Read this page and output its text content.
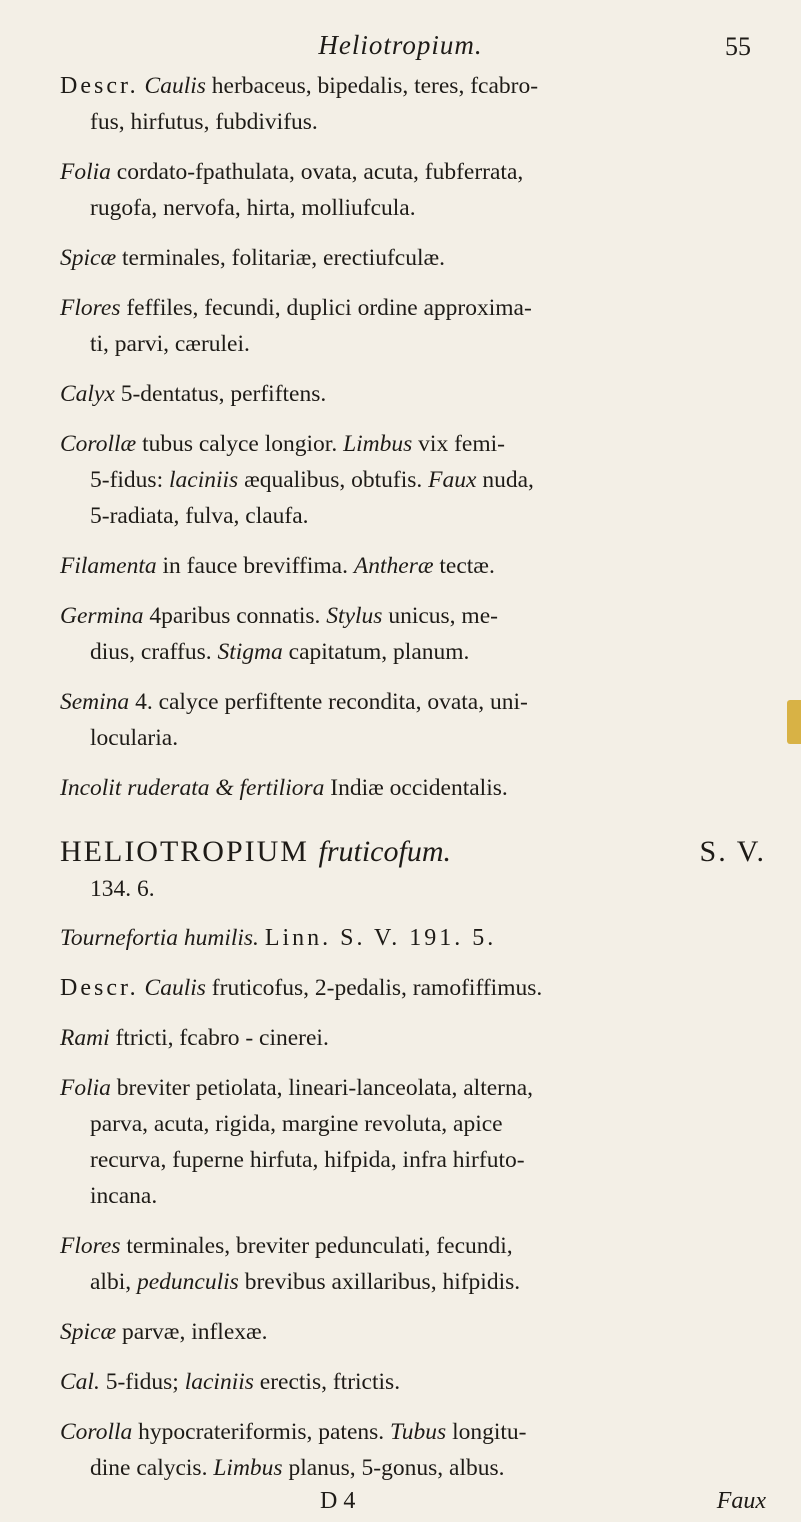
Heliotropium.	55

Descr. Caulis herbaceus, bipedalis, teres, fcabro-
fus, hirfutus, fubdivifus.

Folia cordato-fpathulata, ovata, acuta, fubferrata,
rugofa, nervofa, hirta, molliufcula.

Spicæ terminales, folitariæ, erectiufculæ.

Flores feffiles, fecundi, duplici ordine approxima-
ti, parvi, cærulei.

Calyx 5-dentatus, perfiftens.

Corollæ tubus calyce longior. Limbus vix femi-
5-fidus: laciniis æqualibus, obtufis. Faux nuda,
5-radiata, fulva, claufa.

Filamenta in fauce breviffima. Antheræ tectæ.

Germina 4paribus connatis. Stylus unicus, me-
dius, craffus. Stigma capitatum, planum.

Semina 4. calyce perfiftente recondita, ovata, uni-
locularia.

Incolit ruderata & fertiliora Indiæ occidentalis.

HELIOTROPIUM fruticofum.	S. V.
134. 6.

Tournefortia humilis. Linn. S. V. 191. 5.

Descr. Caulis fruticofus, 2-pedalis, ramofiffimus.

Rami ftricti, fcabro - cinerei.

Folia breviter petiolata, lineari-lanceolata, alterna,
parva, acuta, rigida, margine revoluta, apice
recurva, fuperne hirfuta, hifpida, infra hirfuto-
incana.

Flores terminales, breviter pedunculati, fecundi,
albi, pedunculis brevibus axillaribus, hifpidis.

Spicæ parvæ, inflexæ.

Cal. 5-fidus; laciniis erectis, ftrictis.

Corolla hypocrateriformis, patens. Tubus longitu-
dine calycis. Limbus planus, 5-gonus, albus.

D 4	Faux
